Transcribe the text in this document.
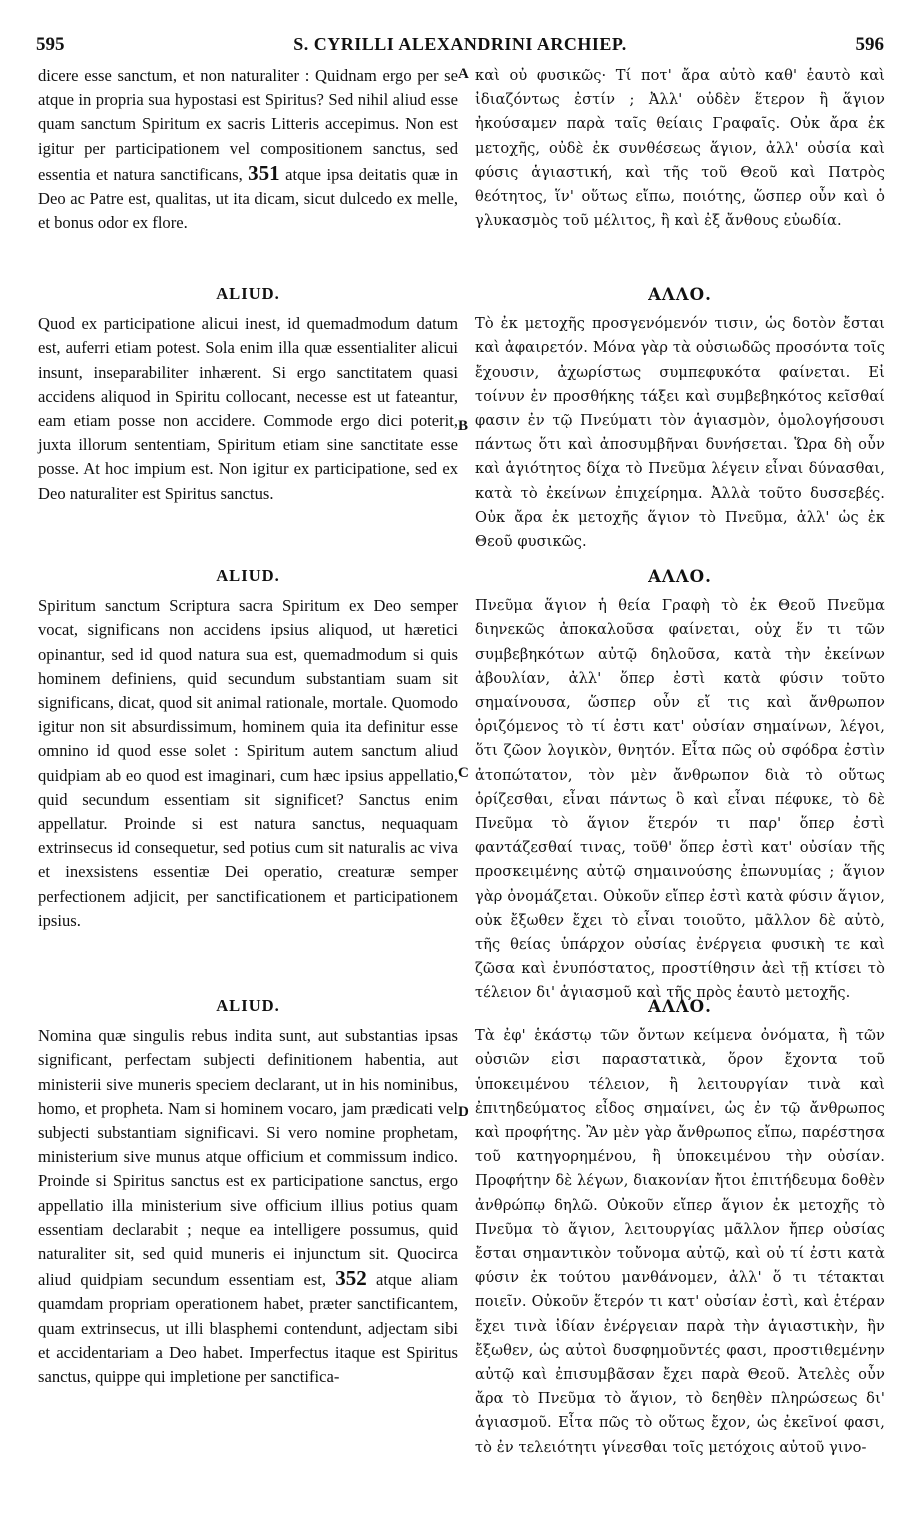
595	S. CYRILLI ALEXANDRINI ARCHIEP.	596

dicere esse sanctum, et non naturaliter : Quidnam ergo per se atque in propria sua hypostasi est Spiritus? Sed nihil aliud esse quam sanctum Spiritum ex sacris Litteris accepimus. Non est igitur per participationem vel compositionem sanctus, sed essentia et natura sanctificans, 351 atque ipsa deitatis quæ in Deo ac Patre est, qualitas, ut ita dicam, sicut dulcedo ex melle, et bonus odor ex flore.

ALIUD.

Quod ex participatione alicui inest, id quemadmodum datum est, auferri etiam potest. Sola enim illa quæ essentialiter alicui insunt, inseparabiliter inhærent. Si ergo sanctitatem quasi accidens aliquod in Spiritu collocant, necesse est ut fateantur, eam etiam posse non accidere. Commode ergo dici poterit, juxta illorum sententiam, Spiritum etiam sine sanctitate esse posse. At hoc impium est. Non igitur ex participatione, sed ex Deo naturaliter est Spiritus sanctus.

ALIUD.

Spiritum sanctum Scriptura sacra Spiritum ex Deo semper vocat, significans non accidens ipsius aliquod, ut hæretici opinantur, sed id quod natura sua est, quemadmodum si quis hominem definiens, quid secundum substantiam suam sit significans, dicat, quod sit animal rationale, mortale. Quomodo igitur non sit absurdissimum, hominem quia ita definitur esse omnino id quod esse solet : Spiritum autem sanctum aliud quidpiam ab eo quod est imaginari, cum hæc ipsius appellatio, quid secundum essentiam sit significet? Sanctus enim appellatur. Proinde si est natura sanctus, nequaquam extrinsecus id consequetur, sed potius cum sit naturalis ac viva et inexsistens essentiæ Dei operatio, creaturæ semper perfectionem adjicit, per sanctificationem et participationem ipsius.

ALIUD.

Nomina quæ singulis rebus indita sunt, aut substantias ipsas significant, perfectam subjecti definitionem habentia, aut ministerii sive muneris speciem declarant, ut in his nominibus, homo, et propheta. Nam si hominem vocaro, jam prædicati vel subjecti substantiam significavi. Si vero nomine prophetam, ministerium sive munus atque officium et commissum indico. Proinde si Spiritus sanctus est ex participatione sanctus, ergo appellatio illa ministerium sive officium illius potius quam essentiam declarabit ; neque ea intelligere possumus, quid naturaliter sit, sed quid muneris ei injunctum sit. Quocirca aliud quidpiam secundum essentiam est, 352 atque aliam quamdam propriam operationem habet, præter sanctificantem, quam extrinsecus, ut illi blasphemi contendunt, adjectam sibi et accidentariam a Deo habet. Imperfectus itaque est Spiritus sanctus, quippe qui impletione per sanctifica-

A
B
C
D

καὶ οὐ φυσικῶς· Τί ποτ' ἄρα αὐτὸ καθ' ἑαυτὸ καὶ ἰδιαζόντως ἐστίν ; Ἀλλ' οὐδὲν ἕτερον ἢ ἅγιον ἠκούσαμεν παρὰ ταῖς θείαις Γραφαῖς. Οὐκ ἄρα ἐκ μετοχῆς, οὐδὲ ἐκ συνθέσεως ἅγιον, ἀλλ' οὐσία καὶ φύσις ἁγιαστική, καὶ τῆς τοῦ Θεοῦ καὶ Πατρὸς θεότητος, ἵν' οὕτως εἴπω, ποιότης, ὥσπερ οὖν καὶ ὁ γλυκασμὸς τοῦ μέλιτος, ἢ καὶ ἐξ ἄνθους εὐωδία.

ΑΛΛΟ.

Τὸ ἐκ μετοχῆς προσγενόμενόν τισιν, ὡς δοτὸν ἔσται καὶ ἀφαιρετόν. Μόνα γὰρ τὰ οὐσιωδῶς προσόντα τοῖς ἔχουσιν, ἀχωρίστως συμπεφυκότα φαίνεται. Εἰ τοίνυν ἐν προσθήκης τάξει καὶ συμβεβηκότος κεῖσθαί φασιν ἐν τῷ Πνεύματι τὸν ἁγιασμὸν, ὁμολογήσουσι πάντως ὅτι καὶ ἀποσυμβῆναι δυνήσεται. Ὥρα δὴ οὖν καὶ ἁγιότητος δίχα τὸ Πνεῦμα λέγειν εἶναι δύνασθαι, κατὰ τὸ ἐκείνων ἐπιχείρημα. Ἀλλὰ τοῦτο δυσσεβές. Οὐκ ἄρα ἐκ μετοχῆς ἅγιον τὸ Πνεῦμα, ἀλλ' ὡς ἐκ Θεοῦ φυσικῶς.

ΑΛΛΟ.

Πνεῦμα ἅγιον ἡ θεία Γραφὴ τὸ ἐκ Θεοῦ Πνεῦμα διηνεκῶς ἀποκαλοῦσα φαίνεται, οὐχ ἕν τι τῶν συμβεβηκότων αὐτῷ δηλοῦσα, κατὰ τὴν ἐκείνων ἀβουλίαν, ἀλλ' ὅπερ ἐστὶ κατὰ φύσιν τοῦτο σημαίνουσα, ὥσπερ οὖν εἴ τις καὶ ἄνθρωπον ὁριζόμενος τὸ τί ἐστι κατ' οὐσίαν σημαίνων, λέγοι, ὅτι ζῶον λογικὸν, θνητόν. Εἶτα πῶς οὐ σφόδρα ἐστὶν ἀτοπώτατον, τὸν μὲν ἄνθρωπον διὰ τὸ οὕτως ὁρίζεσθαι, εἶναι πάντως ὃ καὶ εἶναι πέφυκε, τὸ δὲ Πνεῦμα τὸ ἅγιον ἕτερόν τι παρ' ὅπερ ἐστὶ φαντάζεσθαί τινας, τοῦθ' ὅπερ ἐστὶ κατ' οὐσίαν τῆς προσκειμένης αὐτῷ σημαινούσης ἐπωνυμίας ; ἅγιον γὰρ ὀνομάζεται. Οὐκοῦν εἴπερ ἐστὶ κατὰ φύσιν ἅγιον, οὐκ ἔξωθεν ἔχει τὸ εἶναι τοιοῦτο, μᾶλλον δὲ αὐτὸ, τῆς θείας ὑπάρχον οὐσίας ἐνέργεια φυσικὴ τε καὶ ζῶσα καὶ ἐνυπόστατος, προστίθησιν ἀεὶ τῇ κτίσει τὸ τέλειον δι' ἁγιασμοῦ καὶ τῆς πρὸς ἑαυτὸ μετοχῆς.

ΑΛΛΟ.

Τὰ ἐφ' ἑκάστῳ τῶν ὄντων κείμενα ὀνόματα, ἢ τῶν οὐσιῶν εἰσι παραστατικὰ, ὅρον ἔχοντα τοῦ ὑποκειμένου τέλειον, ἢ λειτουργίαν τινὰ καὶ ἐπιτηδεύματος εἶδος σημαίνει, ὡς ἐν τῷ ἄνθρωπος καὶ προφήτης. Ἂν μὲν γὰρ ἄνθρωπος εἴπω, παρέστησα τοῦ κατηγορημένου, ἢ ὑποκειμένου τὴν οὐσίαν. Προφήτην δὲ λέγων, διακονίαν ἤτοι ἐπιτήδευμα δοθὲν ἀνθρώπῳ δηλῶ. Οὐκοῦν εἴπερ ἅγιον ἐκ μετοχῆς τὸ Πνεῦμα τὸ ἅγιον, λειτουργίας μᾶλλον ἤπερ οὐσίας ἔσται σημαντικὸν τοὔνομα αὐτῷ, καὶ οὐ τί ἐστι κατὰ φύσιν ἐκ τούτου μανθάνομεν, ἀλλ' ὅ τι τέτακται ποιεῖν. Οὐκοῦν ἕτερόν τι κατ' οὐσίαν ἐστὶ, καὶ ἑτέραν ἔχει τινὰ ἰδίαν ἐνέργειαν παρὰ τὴν ἁγιαστικὴν, ἣν ἔξωθεν, ὡς αὐτοὶ δυσφημοῦντές φασι, προστιθεμένην αὐτῷ καὶ ἐπισυμβᾶσαν ἔχει παρὰ Θεοῦ. Ἀτελὲς οὖν ἄρα τὸ Πνεῦμα τὸ ἅγιον, τὸ δεηθὲν πληρώσεως δι' ἁγιασμοῦ. Εἶτα πῶς τὸ οὕτως ἔχον, ὡς ἐκεῖνοί φασι, τὸ ἐν τελειότητι γίνεσθαι τοῖς μετόχοις αὐτοῦ γινο-
